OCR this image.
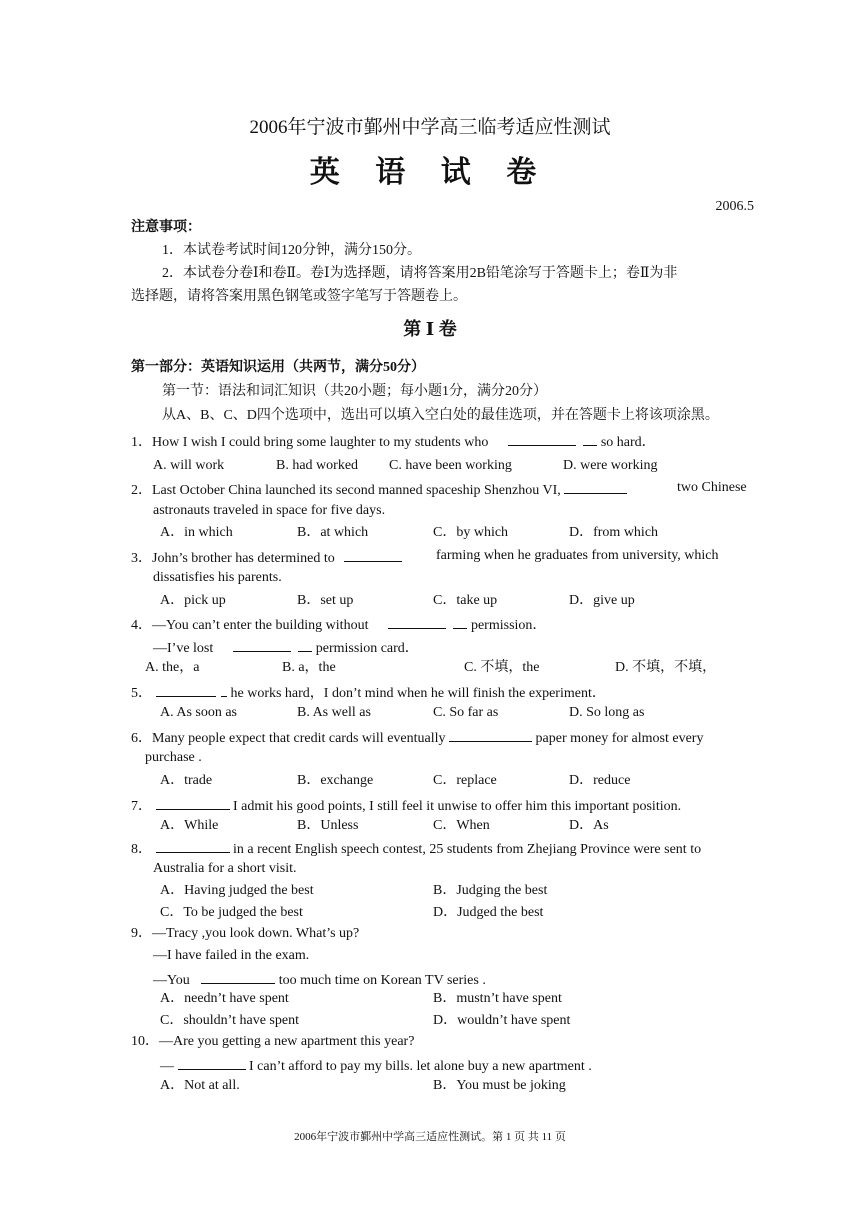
2006年宁波市鄞州中学高三临考适应性测试
英 语 试 卷
2006.5
注意事项：
1．本试卷考试时间120分钟，满分150分。
2．本试卷分卷Ⅰ和卷Ⅱ。卷Ⅰ为选择题，请将答案用2B铅笔涂写于答题卡上；卷Ⅱ为非
选择题，请将答案用黑色钢笔或签字笔写于答题卷上。
第 Ⅰ 卷
第一部分：英语知识运用（共两节，满分50分）
第一节：语法和词汇知识（共20小题；每小题1分，满分20分）
从A、B、C、D四个选项中，选出可以填入空白处的最佳选项，并在答题卡上将该项涂黑。
1．How I wish I could bring some laughter to my students who	so hard．
A. will work	B. had worked C. have been working	D. were working
2．Last October China launched its second manned spaceship Shenzhou VI,	two Chinese
astronauts traveled in space for five days.
A．in which	B．at which	C．by which	D．from which
3．John’s brother has determined to	farming when he graduates from university, which
dissatisfies his parents.
A．pick up	B．set up	C．take up	D．give up
4．—You can’t enter the building without	permission．
—I’ve lost	permission card．
A. the，a	B. a，the	C. 不填，the	D. 不填，不填，
5．	he works hard，I don’t mind when he will finish the experiment．
A. As soon as	B. As well as	C. So far as	D. So long as
6．Many people expect that credit cards will eventually	paper money for almost every
purchase .
A．trade	B．exchange	C．replace	D．reduce
7．	I admit his good points, I still feel it unwise to offer him this important position.
A．While	B．Unless	C．When	D．As
8．	in a recent English speech contest, 25 students from Zhejiang Province were sent to
Australia for a short visit.
A．Having judged the best	B．Judging the best
C．To be judged the best	D．Judged the best
9．—Tracy ,you look down. What’s up?
—I have failed in the exam.
—You	too much time on Korean TV series .
A．needn’t have spent	B．mustn’t have spent
C．shouldn’t have spent	D．wouldn’t have spent
10．—Are you getting a new apartment this year?
—	I can’t afford to pay my bills. let alone buy a new apartment .
A．Not at all.	B．You must be joking
2006年宁波市鄞州中学高三适应性测试。第 1 页 共 11 页
